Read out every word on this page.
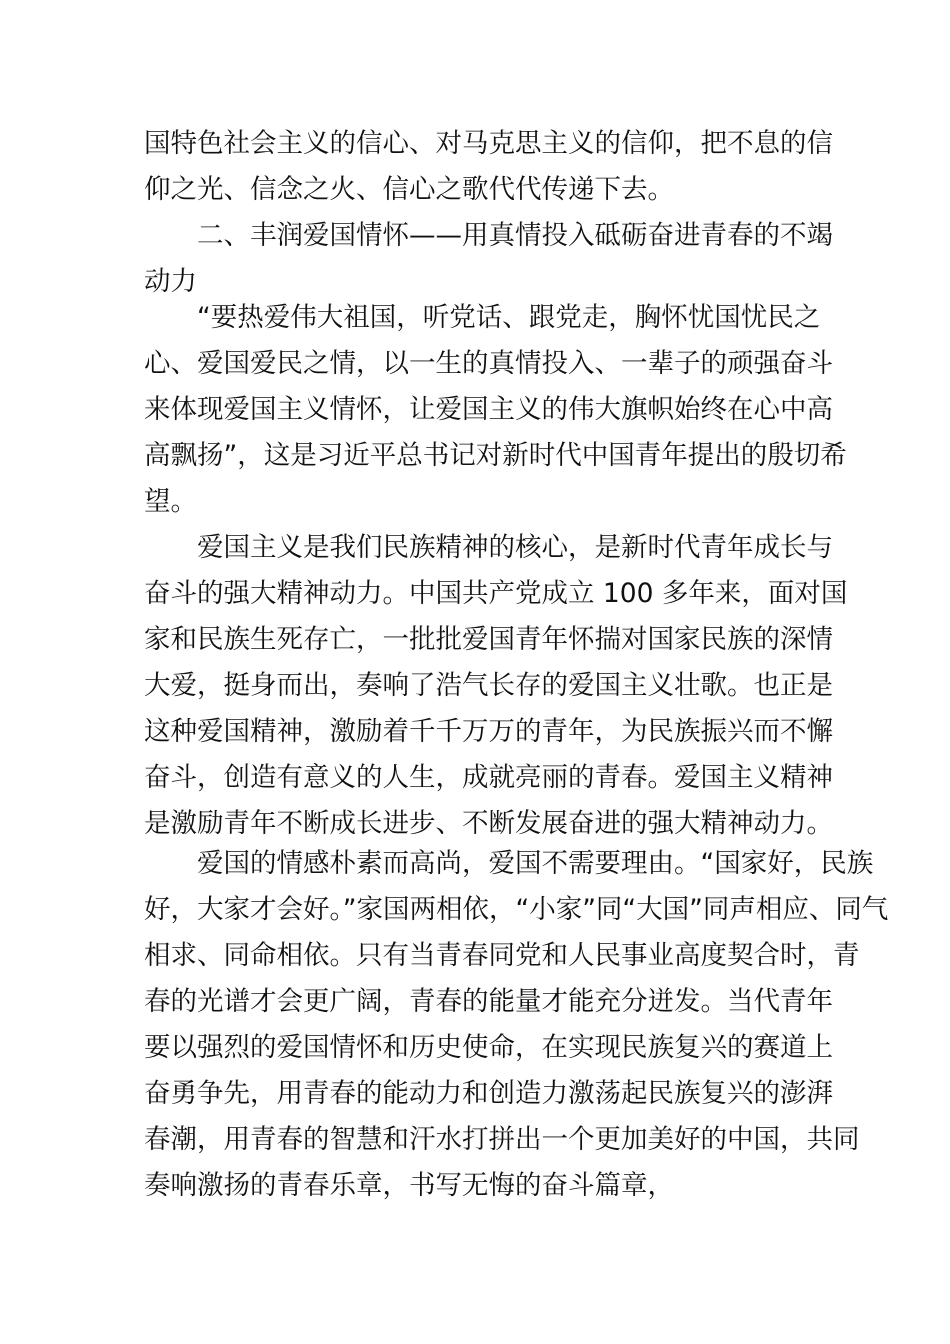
国特色社会主义的信心、对马克思主义的信仰，把不息的信
仰之光、信念之火、信心之歌代代传递下去。
二、丰润爱国情怀——用真情投入砥砺奋进青春的不竭
动力
“要热爱伟大祖国，听党话、跟党走，胸怀忧国忧民之
心、爱国爱民之情，以一生的真情投入、一辈子的顽强奋斗
来体现爱国主义情怀，让爱国主义的伟大旗帜始终在心中高
高飘扬”，这是习近平总书记对新时代中国青年提出的殷切希
望。
爱国主义是我们民族精神的核心，是新时代青年成长与
奋斗的强大精神动力。中国共产党成立 100 多年来，面对国
家和民族生死存亡，一批批爱国青年怀揣对国家民族的深情
大爱，挺身而出，奏响了浩气长存的爱国主义壮歌。也正是
这种爱国精神，激励着千千万万的青年，为民族振兴而不懈
奋斗，创造有意义的人生，成就亮丽的青春。爱国主义精神
是激励青年不断成长进步、不断发展奋进的强大精神动力。
爱国的情感朴素而高尚，爱国不需要理由。“国家好，民族
好，大家才会好。”家国两相依，“小家”同“大国”同声相应、同气
相求、同命相依。只有当青春同党和人民事业高度契合时，青
春的光谱才会更广阔，青春的能量才能充分迸发。当代青年
要以强烈的爱国情怀和历史使命，在实现民族复兴的赛道上
奋勇争先，用青春的能动力和创造力激荡起民族复兴的澎湃
春潮，用青春的智慧和汗水打拼出一个更加美好的中国，共同
奏响激扬的青春乐章，书写无悔的奋斗篇章，
